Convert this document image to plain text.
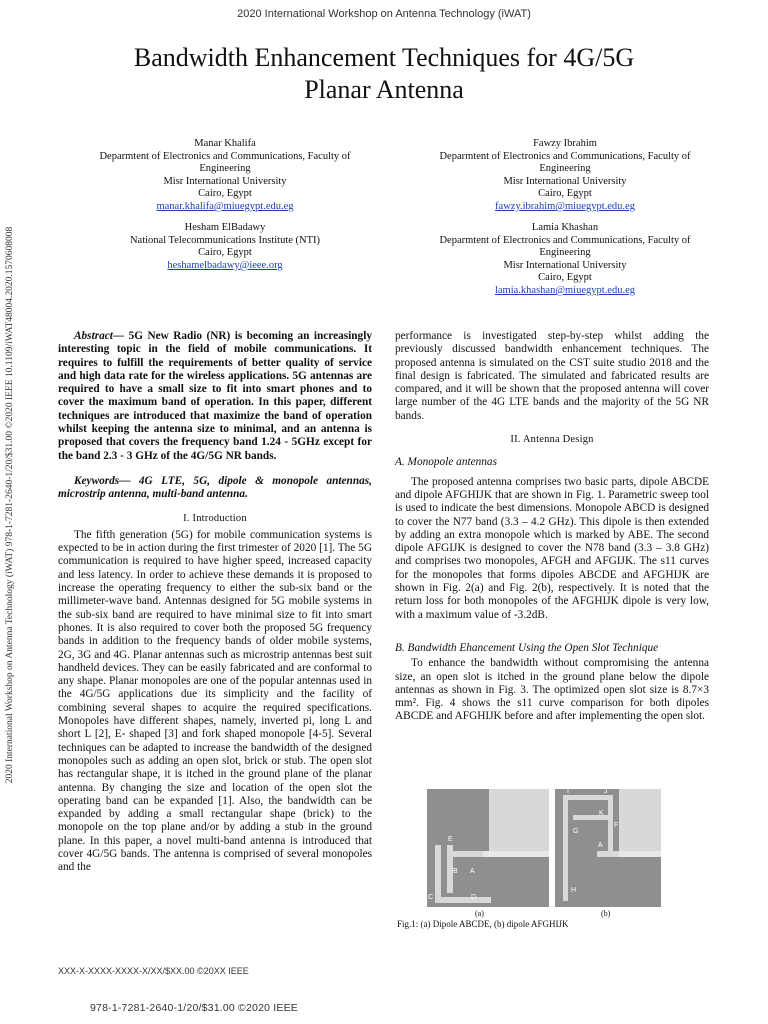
2020 International Workshop on Antenna Technology (iWAT)
Bandwidth Enhancement Techniques for 4G/5G
Planar Antenna
2020 International Workshop on Antenna Technology (iWAT) 978-1-7281-2640-1/20/$31.00 ©2020 IEEE 10.1109/iWAT48004.2020.1570608008
Manar Khalifa
Deparmtent of Electronics and Communications, Faculty of
Engineering
Misr International University
Cairo, Egypt
manar.khalifa@miuegypt.edu.eg
Fawzy Ibrahim
Deparmtent of Electronics and Communications, Faculty of
Engineering
Misr International University
Cairo, Egypt
fawzy.ibrahim@miuegypt.edu.eg
Hesham ElBadawy
National Telecommunications Institute (NTI)
Cairo, Egypt
heshamelbadawy@ieee.org
Lamia Khashan
Deparmtent of Electronics and Communications, Faculty of
Engineering
Misr International University
Cairo, Egypt
lamia.khashan@miuegypt.edu.eg

Abstract— 5G New Radio (NR) is becoming an increasingly interesting topic in the field of mobile communications. It requires to fulfill the requirements of better quality of service and high data rate for the wireless applications. 5G antennas are required to have a small size to fit into smart phones and to cover the maximum band of operation. In this paper, different techniques are introduced that maximize the band of operation whilst keeping the antenna size to minimal, and an antenna is proposed that covers the frequency band 1.24 - 5GHz except for the band 2.3 - 3 GHz of the 4G/5G NR bands.

Keywords— 4G LTE, 5G, dipole & monopole antennas, microstrip antenna, multi-band antenna.

I. Introduction

The fifth generation (5G) for mobile communication systems is expected to be in action during the first trimester of 2020 [1]. The 5G communication is required to have higher speed, increased capacity and less latency. In order to achieve these demands it is proposed to increase the operating frequency to either the sub-six band or the millimeter-wave band. Antennas designed for 5G mobile systems in the sub-six band are required to have minimal size to fit into smart phones. It is also required to cover both the proposed 5G frequency bands in addition to the frequency bands of older mobile systems, 2G, 3G and 4G. Planar antennas such as microstrip antennas best suit handheld devices. They can be easily fabricated and are conformal to any shape. Planar monopoles are one of the popular antennas used in the 4G/5G applications due its simplicity and the facility of combining several shapes to acquire the required specifications. Monopoles have different shapes, namely, inverted pi, long L and short L [2], E- shaped [3] and fork shaped monopole [4-5]. Several techniques can be adapted to increase the bandwidth of the designed monopoles such as adding an open slot, brick or stub. The open slot has rectangular shape, it is itched in the ground plane of the planar antenna. By changing the size and location of the open slot the operating band can be expanded [1]. Also, the bandwidth can be expanded by adding a small rectangular shape (brick) to the monopole on the top plane and/or by adding a stub in the ground plane. In this paper, a novel multi-band antenna is introduced that cover 4G/5G bands. The antenna is comprised of several monopoles and the

performance is investigated step-by-step whilst adding the previously discussed bandwidth enhancement techniques. The proposed antenna is simulated on the CST suite studio 2018 and the final design is fabricated. The simulated and fabricated results are compared, and it will be shown that the proposed antenna will cover large number of the 4G LTE bands and the majority of the 5G NR bands.

II. Antenna Design

A. Monopole antennas

The proposed antenna comprises two basic parts, dipole ABCDE and dipole AFGHIJK that are shown in Fig. 1. Parametric sweep tool is used to indicate the best dimensions. Monopole ABCD is designed to cover the N77 band (3.3 – 4.2 GHz). This dipole is then extended by adding an extra monopole which is marked by ABE. The second dipole AFGIJK is designed to cover the N78 band (3.3 – 3.8 GHz) and comprises two monopoles, AFGH and AFGIJK. The s11 curves for the monopoles that forms dipoles ABCDE and AFGHIJK are shown in Fig. 2(a) and Fig. 2(b), respectively. It is noted that the return loss for both monopoles of the AFGHIJK dipole is very low, with a maximum value of -3.2dB.

B. Bandwidth Ehancement Using the Open Slot Technique

To enhance the bandwidth without compromising the antenna size, an open slot is itched in the ground plane below the dipole antennas as shown in Fig. 3. The optimized open slot size is 8.7×3 mm². Fig. 4 shows the s11 curve comparison for both dipoles ABCDE and AFGHIJK before and after implementing the open slot.

E
B A
C	D
(a)
I	J
K
F
G
A
H
(b)
Fig.1: (a) Dipole ABCDE, (b) dipole AFGHIJK
XXX-X-XXXX-XXXX-X/XX/$XX.00 ©20XX IEEE
978-1-7281-2640-1/20/$31.00 ©2020 IEEE
